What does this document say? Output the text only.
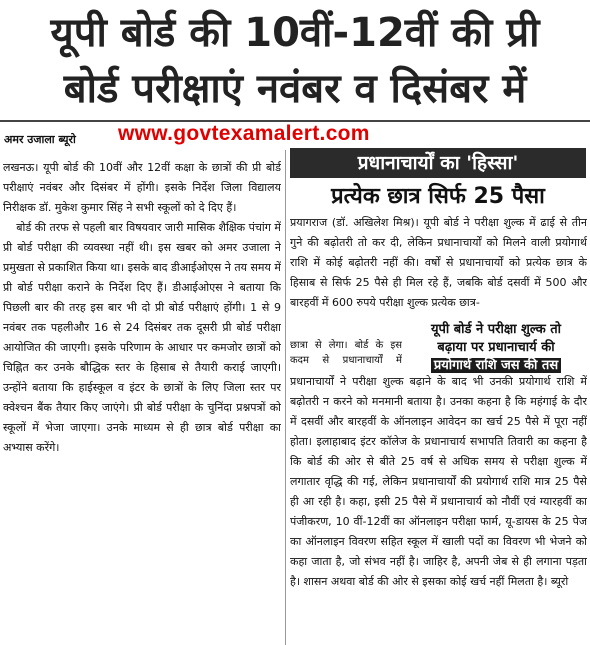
यूपी बोर्ड की 10वीं-12वीं की प्री
बोर्ड परीक्षाएं नवंबर व दिसंबर में
अमर उजाला ब्यूरो www.govtexamalert.com

लखनऊ। यूपी बोर्ड की 10वीं और 12वीं कक्षा के छात्रों की प्री बोर्ड परीक्षाएं नवंबर और दिसंबर में होंगी। इसके निर्देश जिला विद्यालय निरीक्षक डॉ. मुकेश कुमार सिंह ने सभी स्कूलों को दे दिए हैं।

बोर्ड की तरफ से पहली बार विषयवार जारी मासिक शैक्षिक पंचांग में प्री बोर्ड परीक्षा की व्यवस्था नहीं थी। इस खबर को अमर उजाला ने प्रमुखता से प्रकाशित किया था। इसके बाद डीआईओएस ने तय समय में प्री बोर्ड परीक्षा कराने के निर्देश दिए हैं। डीआईओएस ने बताया कि पिछली बार की तरह इस बार भी दो प्री बोर्ड परीक्षाएं होंगी। 1 से 9 नवंबर तक पहलीऔर 16 से 24 दिसंबर तक दूसरी प्री बोर्ड परीक्षा आयोजित की जाएगी। इसके परिणाम के आधार पर कमजोर छात्रों को चिह्नित कर उनके बौद्धिक स्तर के हिसाब से तैयारी कराई जाएगी। उन्होंने बताया कि हाईस्कूल व इंटर के छात्रों के लिए जिला स्तर पर क्वेश्चन बैंक तैयार किए जाएंगे। प्री बोर्ड परीक्षा के चुनिंदा प्रश्नपत्रों को स्कूलों में भेजा जाएगा। उनके माध्यम से ही छात्र बोर्ड परीक्षा का अभ्यास करेंगे।

प्रधानाचार्यों का 'हिस्सा'
प्रत्येक छात्र सिर्फ 25 पैसा

प्रयागराज (डॉ. अखिलेश मिश्र)। यूपी बोर्ड ने परीक्षा शुल्क में ढाई से तीन गुने की बढ़ोतरी तो कर दी, लेकिन प्रधानाचार्यों को मिलने वाली प्रयोगार्थ राशि में कोई बढ़ोतरी नहीं की। वर्षों से प्रधानाचार्यों को प्रत्येक छात्र के हिसाब से सिर्फ 25 पैसे ही मिल रहे हैं, जबकि बोर्ड दसवीं में 500 और बारहवीं में 600 रुपये परीक्षा शुल्क प्रत्येक छात्र-

छात्रा से लेगा। बोर्ड के इस कदम से प्रधानाचार्यों में

यूपी बोर्ड ने परीक्षा शुल्क तो
बढ़ाया पर प्रधानाचार्य की
प्रयोगार्थ राशि जस की तस

प्रधानाचार्यों ने परीक्षा शुल्क बढ़ाने के बाद भी उनकी प्रयोगार्थ राशि में बढ़ोतरी न करने को मनमानी बताया है। उनका कहना है कि महंगाई के दौर में दसवीं और बारहवीं के ऑनलाइन आवेदन का खर्च 25 पैसे में पूरा नहीं होता। इलाहाबाद इंटर कॉलेज के प्रधानाचार्य सभापति तिवारी का कहना है कि बोर्ड की ओर से बीते 25 वर्ष से अधिक समय से परीक्षा शुल्क में लगातार वृद्धि की गई, लेकिन प्रधानाचार्यों की प्रयोगार्थ राशि मात्र 25 पैसे ही आ रही है। कहा, इसी 25 पैसे में प्रधानाचार्य को नौवीं एवं ग्यारहवीं का पंजीकरण, 10 वीं-12वीं का ऑनलाइन परीक्षा फार्म, यू-डायस के 25 पेज का ऑनलाइन विवरण सहित स्कूल में खाली पदों का विवरण भी भेजने को कहा जाता है, जो संभव नहीं है। जाहिर है, अपनी जेब से ही लगाना पड़ता है। शासन अथवा बोर्ड की ओर से इसका कोई खर्च नहीं मिलता है। ब्यूरो
